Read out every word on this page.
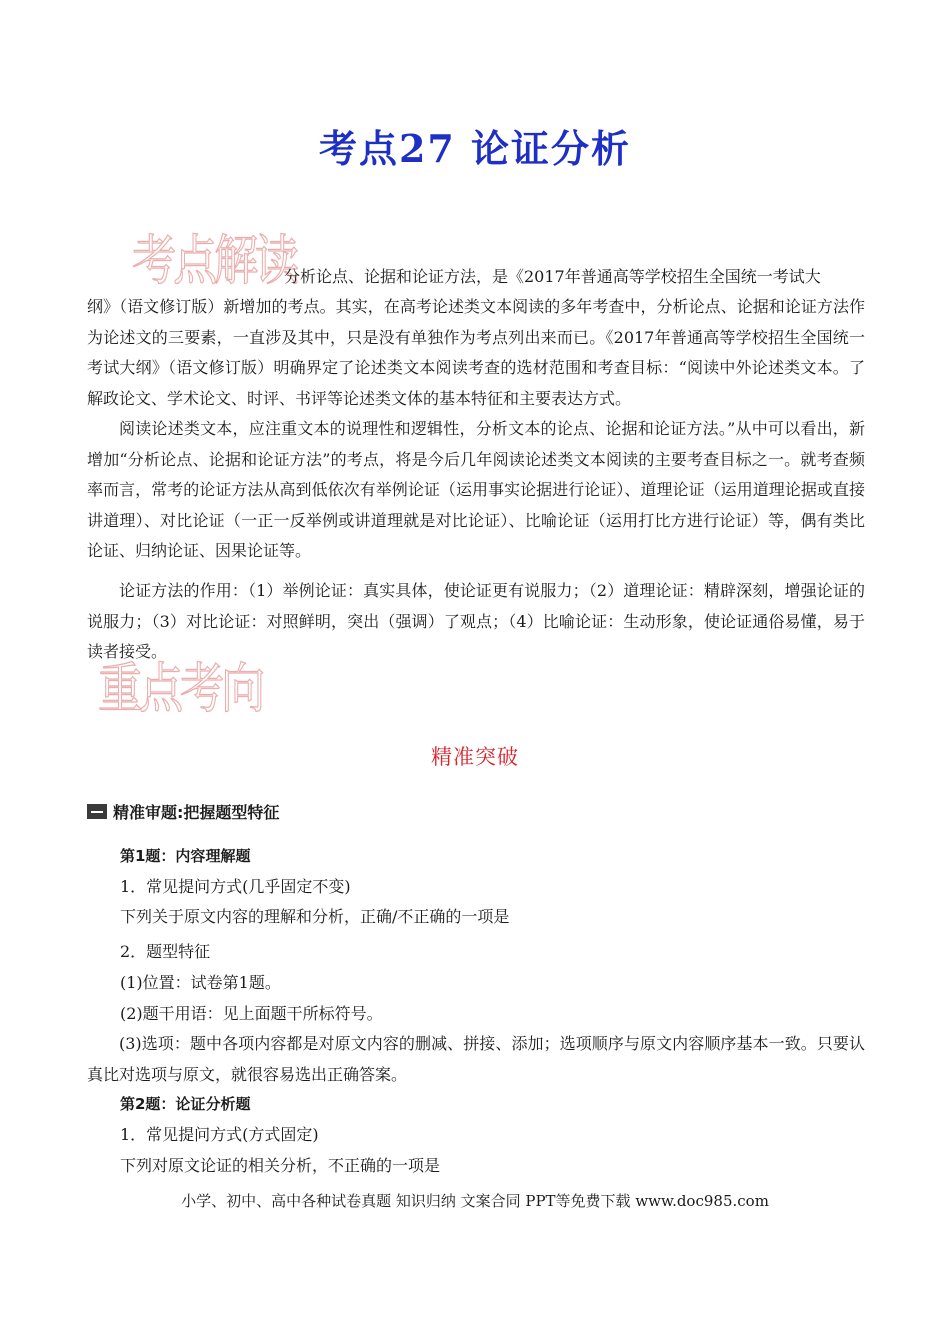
考点27 论证分析
考点解读
分析论点、论据和论证方法，是《2017年普通高等学校招生全国统一考试大
纲》（语文修订版）新增加的考点。其实，在高考论述类文本阅读的多年考查中，分析论点、论据和论证方法作为论述文的三要素，一直涉及其中，只是没有单独作为考点列出来而已。《2017年普通高等学校招生全国统一考试大纲》（语文修订版）明确界定了论述类文本阅读考查的选材范围和考查目标：“阅读中外论述类文本。了解政论文、学术论文、时评、书评等论述类文体的基本特征和主要表达方式。
阅读论述类文本，应注重文本的说理性和逻辑性，分析文本的论点、论据和论证方法。”从中可以看出，新增加“分析论点、论据和论证方法”的考点，将是今后几年阅读论述类文本阅读的主要考查目标之一。就考查频率而言，常考的论证方法从高到低依次有举例论证（运用事实论据进行论证）、道理论证（运用道理论据或直接讲道理）、对比论证（一正一反举例或讲道理就是对比论证）、比喻论证（运用打比方进行论证）等，偶有类比论证、归纳论证、因果论证等。
论证方法的作用：（1）举例论证：真实具体，使论证更有说服力；（2）道理论证：精辟深刻，增强论证的说服力；（3）对比论证：对照鲜明，突出（强调）了观点；（4）比喻论证：生动形象，使论证通俗易懂，易于读者接受。
重点考向
精准突破
精准审题:把握题型特征
第1题：内容理解题
1．常见提问方式(几乎固定不变)
下列关于原文内容的理解和分析，正确/不正确的一项是
2．题型特征
(1)位置：试卷第1题。
(2)题干用语：见上面题干所标符号。
(3)选项：题中各项内容都是对原文内容的删减、拼接、添加；选项顺序与原文内容顺序基本一致。只要认真比对选项与原文，就很容易选出正确答案。
第2题：论证分析题
1．常见提问方式(方式固定)
下列对原文论证的相关分析，不正确的一项是
小学、初中、高中各种试卷真题 知识归纳 文案合同 PPT等免费下载 www.doc985.com
